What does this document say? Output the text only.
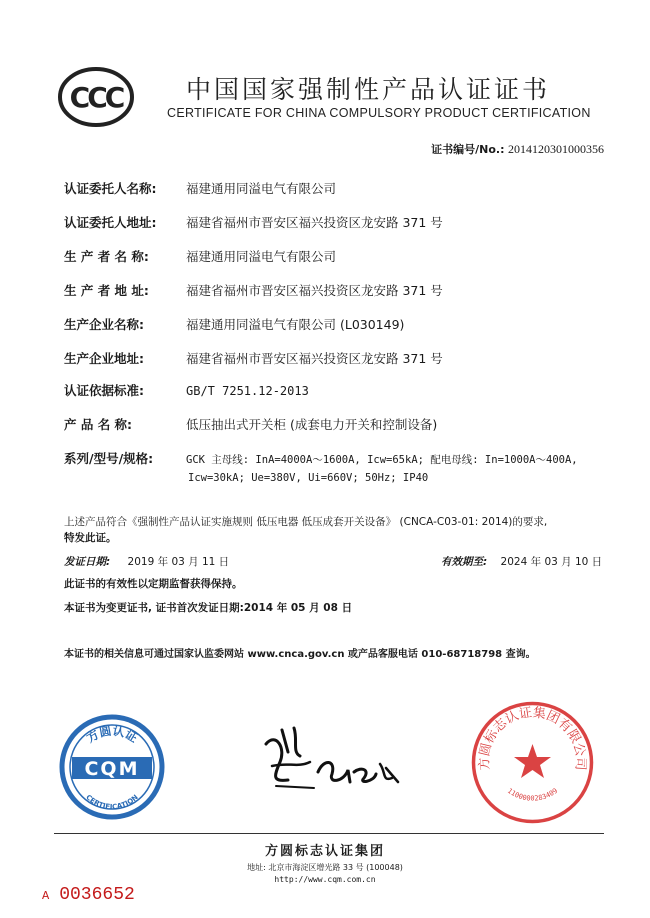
CCC	中国国家强制性产品认证证书
CERTIFICATE FOR CHINA COMPULSORY PRODUCT CERTIFICATION
证书编号/No.: 2014120301000356
认证委托人名称: 福建通用同溢电气有限公司
认证委托人地址: 福建省福州市晋安区福兴投资区龙安路 371 号
生 产 者 名 称:	福建通用同溢电气有限公司
生 产 者 地 址:	福建省福州市晋安区福兴投资区龙安路 371 号
生产企业名称:	福建通用同溢电气有限公司 (L030149)
生产企业地址:	福建省福州市晋安区福兴投资区龙安路 371 号
认证依据标准:	GB/T 7251.12-2013
产 品 名 称:	低压抽出式开关柜 (成套电力开关和控制设备)
系列/型号/规格:	GCK 主母线: InA=4000A～1600A, Icw=65kA; 配电母线: In=1000A～400A,
Icw=30kA; Ue=380V, Ui=660V; 50Hz; IP40
上述产品符合《强制性产品认证实施规则 低压电器 低压成套开关设备》 (CNCA-C03-01: 2014)的要求,
特发此证。
发证日期: 2019 年 03 月 11 日	有效期至: 2024 年 03 月 10 日
此证书的有效性以定期监督获得保持。
本证书为变更证书, 证书首次发证日期:2014 年 05 月 08 日
本证书的相关信息可通过国家认监委网站 www.cnca.gov.cn 或产品客服电话 010-68718798 查询。
方圆认证
CQM
CERTIFICATION
方圆标志认证集团有限公司
1100000283409
方圆标志认证集团
地址: 北京市海淀区增光路 33 号 (100048)
http://www.cqm.com.cn
A 0036652
